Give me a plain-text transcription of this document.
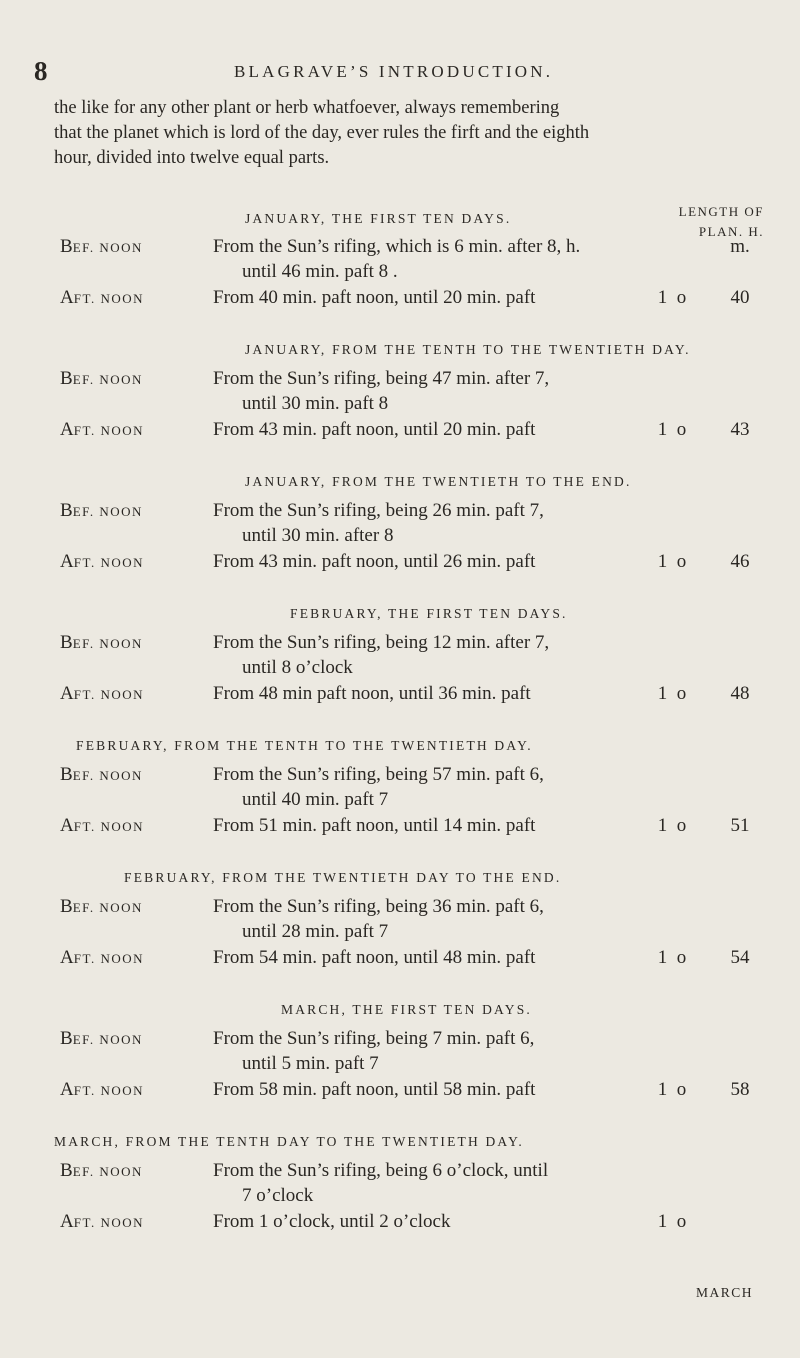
8	BLAGRAVE’S INTRODUCTION.
the like for any other plant or herb whatfoever, always remembering
that the planet which is lord of the day, ever rules the firft and the eighth
hour, divided into twelve equal parts.
LENGTH OF
PLAN. H.
JANUARY, THE FIRST TEN DAYS.
BEF. NOON	From the Sun’s rifing, which is 6 min. after 8, h.	m.
until 46 min. paft 8 .
AFT. NOON	From 40 min. paft noon, until 20 min. paft	1  o	40
JANUARY, FROM THE TENTH TO THE TWENTIETH DAY.
BEF. NOON	From the Sun’s rifing, being 47 min. after 7,
until 30 min. paft 8
AFT. NOON	From 43 min. paft noon, until 20 min. paft	1  o	43
JANUARY, FROM THE TWENTIETH TO THE END.
BEF. NOON	From the Sun’s rifing, being 26 min. paft 7,
until 30 min. after 8
AFT. NOON	From 43 min. paft noon, until 26 min. paft	1  o	46
FEBRUARY, THE FIRST TEN DAYS.
BEF. NOON	From the Sun’s rifing, being 12 min. after 7,
until 8 o’clock
AFT. NOON	From 48 min paft noon, until 36 min. paft	1  o	48
FEBRUARY, FROM THE TENTH TO THE TWENTIETH DAY.
BEF. NOON	From the Sun’s rifing, being 57 min. paft 6,
until 40 min. paft 7
AFT. NOON	From 51 min. paft noon, until 14 min. paft	1  o	51
FEBRUARY, FROM THE TWENTIETH DAY TO THE END.
BEF. NOON	From the Sun’s rifing, being 36 min. paft 6,
until 28 min. paft 7
AFT. NOON	From 54 min. paft noon, until 48 min. paft	1  o	54
MARCH, THE FIRST TEN DAYS.
BEF. NOON	From the Sun’s rifing, being 7 min. paft 6,
until 5 min. paft 7
AFT. NOON	From 58 min. paft noon, until 58 min. paft	1  o	58
MARCH, FROM THE TENTH DAY TO THE TWENTIETH DAY.
BEF. NOON	From the Sun’s rifing, being 6 o’clock, until
7 o’clock
AFT. NOON	From 1 o’clock, until 2 o’clock	1  o
MARCH
